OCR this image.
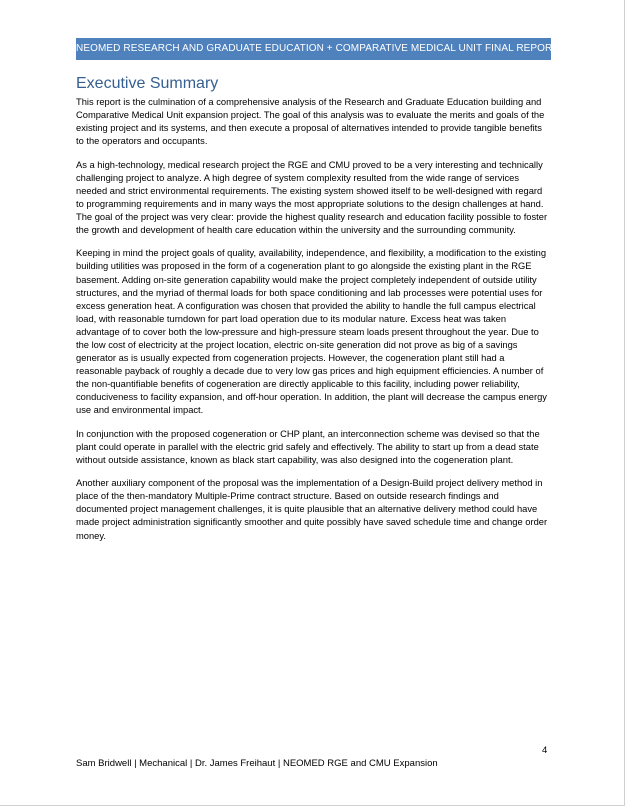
NEOMED RESEARCH AND GRADUATE EDUCATION + COMPARATIVE MEDICAL UNIT FINAL REPORT
Executive Summary

This report is the culmination of a comprehensive analysis of the Research and Graduate Education building and Comparative Medical Unit expansion project. The goal of this analysis was to evaluate the merits and goals of the existing project and its systems, and then execute a proposal of alternatives intended to provide tangible benefits to the operators and occupants.

As a high-technology, medical research project the RGE and CMU proved to be a very interesting and technically challenging project to analyze. A high degree of system complexity resulted from the wide range of services needed and strict environmental requirements. The existing system showed itself to be well-designed with regard to programming requirements and in many ways the most appropriate solutions to the design challenges at hand. The goal of the project was very clear: provide the highest quality research and education facility possible to foster the growth and development of health care education within the university and the surrounding community.

Keeping in mind the project goals of quality, availability, independence, and flexibility, a modification to the existing building utilities was proposed in the form of a cogeneration plant to go alongside the existing plant in the RGE basement. Adding on-site generation capability would make the project completely independent of outside utility structures, and the myriad of thermal loads for both space conditioning and lab processes were potential uses for excess generation heat. A configuration was chosen that provided the ability to handle the full campus electrical load, with reasonable turndown for part load operation due to its modular nature. Excess heat was taken advantage of to cover both the low-pressure and high-pressure steam loads present throughout the year. Due to the low cost of electricity at the project location, electric on-site generation did not prove as big of a savings generator as is usually expected from cogeneration projects. However, the cogeneration plant still had a reasonable payback of roughly a decade due to very low gas prices and high equipment efficiencies. A number of the non-quantifiable benefits of cogeneration are directly applicable to this facility, including power reliability, conduciveness to facility expansion, and off-hour operation. In addition, the plant will decrease the campus energy use and environmental impact.

In conjunction with the proposed cogeneration or CHP plant, an interconnection scheme was devised so that the plant could operate in parallel with the electric grid safely and effectively. The ability to start up from a dead state without outside assistance, known as black start capability, was also designed into the cogeneration plant.

Another auxiliary component of the proposal was the implementation of a Design-Build project delivery method in place of the then-mandatory Multiple-Prime contract structure. Based on outside research findings and documented project management challenges, it is quite plausible that an alternative delivery method could have made project administration significantly smoother and quite possibly have saved schedule time and change order money.

4
Sam Bridwell | Mechanical | Dr. James Freihaut | NEOMED RGE and CMU Expansion
